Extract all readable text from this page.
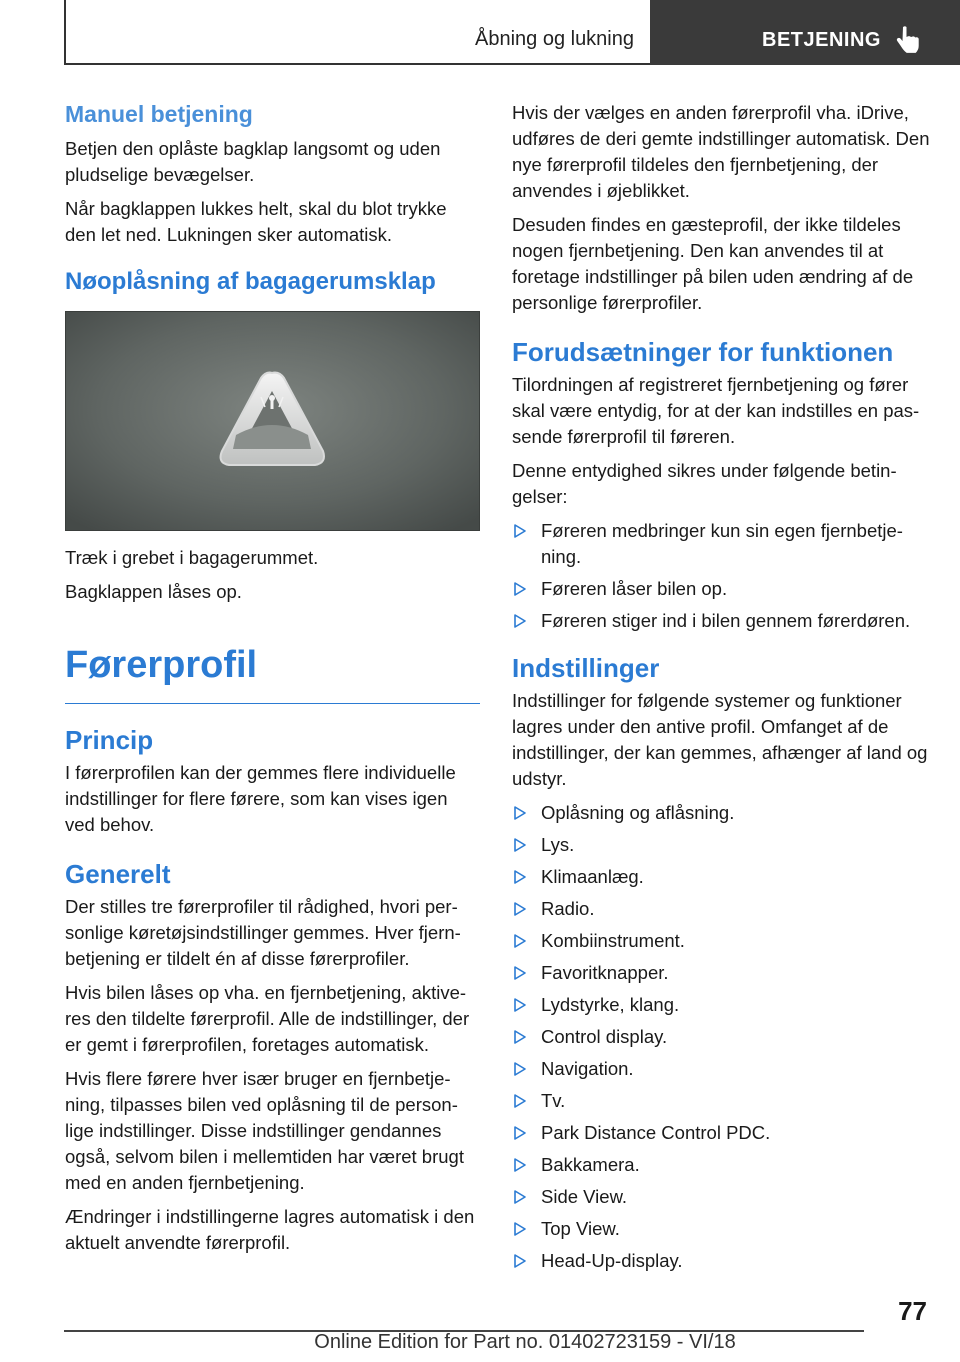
Åbning og lukning	BETJENING
Manuel betjening

Betjen den oplåste bagklap langsomt og uden pludselige bevægelser.

Når bagklappen lukkes helt, skal du blot trykke den let ned. Lukningen sker automatisk.

Nøoplåsning af bagagerumsklap

Træk i grebet i bagagerummet.

Bagklappen låses op.

Førerprofil
Princip

I førerprofilen kan der gemmes flere individuelle indstillinger for flere førere, som kan vises igen ved behov.

Generelt

Der stilles tre førerprofiler til rådighed, hvori per-sonlige køretøjsindstillinger gemmes. Hver fjern-betjening er tildelt én af disse førerprofiler.

Hvis bilen låses op vha. en fjernbetjening, aktive-res den tildelte førerprofil. Alle de indstillinger, der er gemt i førerprofilen, foretages automatisk.

Hvis flere førere hver især bruger en fjernbetje-ning, tilpasses bilen ved oplåsning til de person-lige indstillinger. Disse indstillinger gendannes også, selvom bilen i mellemtiden har været brugt med en anden fjernbetjening.

Ændringer i indstillingerne lagres automatisk i den aktuelt anvendte førerprofil.

Hvis der vælges en anden førerprofil vha. iDrive, udføres de deri gemte indstillinger automatisk. Den nye førerprofil tildeles den fjernbetjening, der anvendes i øjeblikket.

Desuden findes en gæsteprofil, der ikke tildeles nogen fjernbetjening. Den kan anvendes til at foretage indstillinger på bilen uden ændring af de personlige førerprofiler.

Forudsætninger for funktionen

Tilordningen af registreret fjernbetjening og fører skal være entydig, for at der kan indstilles en pas-sende førerprofil til føreren.

Denne entydighed sikres under følgende betin-gelser:

Føreren medbringer kun sin egen fjernbetje-ning.
Føreren låser bilen op.
Føreren stiger ind i bilen gennem førerdøren.
Indstillinger

Indstillinger for følgende systemer og funktioner lagres under den antive profil. Omfanget af de indstillinger, der kan gemmes, afhænger af land og udstyr.

Oplåsning og aflåsning.
Lys.
Klimaanlæg.
Radio.
Kombiinstrument.
Favoritknapper.
Lydstyrke, klang.
Control display.
Navigation.
Tv.
Park Distance Control PDC.
Bakkamera.
Side View.
Top View.
Head-Up-display.
77
Online Edition for Part no. 01402723159 - VI/18
